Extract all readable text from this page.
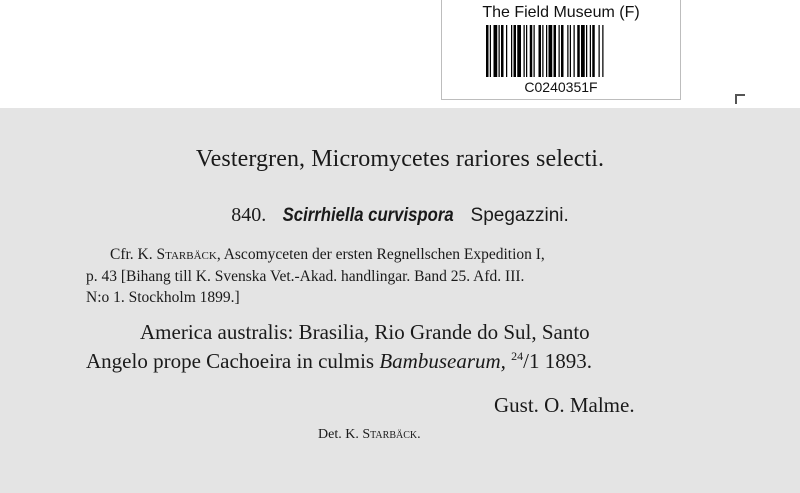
The Field Museum (F)
C0240351F
Vestergren, Micromycetes rariores selecti.
840. Scirrhiella curvispora Spegazzini.
Cfr. K. Starbäck, Ascomyceten der ersten Regnellschen Expedition I,
p. 43 [Bihang till K. Svenska Vet.-Akad. handlingar. Band 25. Afd. III.
N:o 1. Stockholm 1899.]
America australis: Brasilia, Rio Grande do Sul, Santo
Angelo prope Cachoeira in culmis Bambusearum, $^{24}$/1 1893.
Gust. O. Malme.
Det. K. Starbäck.
